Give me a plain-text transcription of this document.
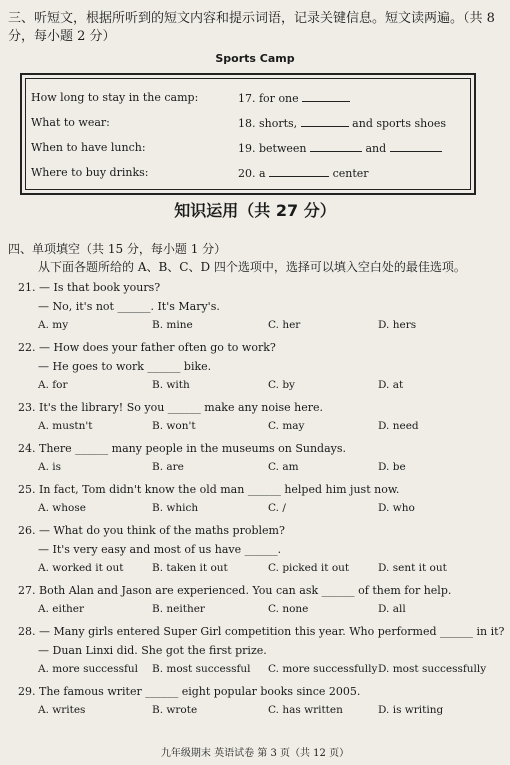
三、听短文，根据所听到的短文内容和提示词语，记录关键信息。短文读两遍。（共 8 分，每小题 2 分）
Sports Camp
How long to stay in the camp:	17. for one
What to wear:	18. shorts,	and sports shoes
When to have lunch:	19. between	and
Where to buy drinks:	20. a	center
知识运用（共 27 分）
四、单项填空（共 15 分，每小题 1 分）
从下面各题所给的 A、B、C、D 四个选项中，选择可以填入空白处的最佳选项。
21. — Is that book yours?
— No, it's not ______. It's Mary's.
A. my	B. mine	C. her	D. hers
22. — How does your father often go to work?
— He goes to work ______ bike.
A. for	B. with	C. by	D. at
23. It's the library! So you ______ make any noise here.
A. mustn't	B. won't	C. may	D. need
24. There ______ many people in the museums on Sundays.
A. is	B. are	C. am	D. be
25. In fact, Tom didn't know the old man ______ helped him just now.
A. whose	B. which	C. /	D. who
26. — What do you think of the maths problem?
— It's very easy and most of us have ______.
A. worked it out	B. taken it out	C. picked it out	D. sent it out
27. Both Alan and Jason are experienced. You can ask ______ of them for help.
A. either	B. neither	C. none	D. all
28. — Many girls entered Super Girl competition this year. Who performed ______ in it?
— Duan Linxi did. She got the first prize.
A. more successful B. most successful C. more successfully D. most successfully
29. The famous writer ______ eight popular books since 2005.
A. writes	B. wrote	C. has written	D. is writing
九年级期末 英语试卷 第 3 页（共 12 页）
